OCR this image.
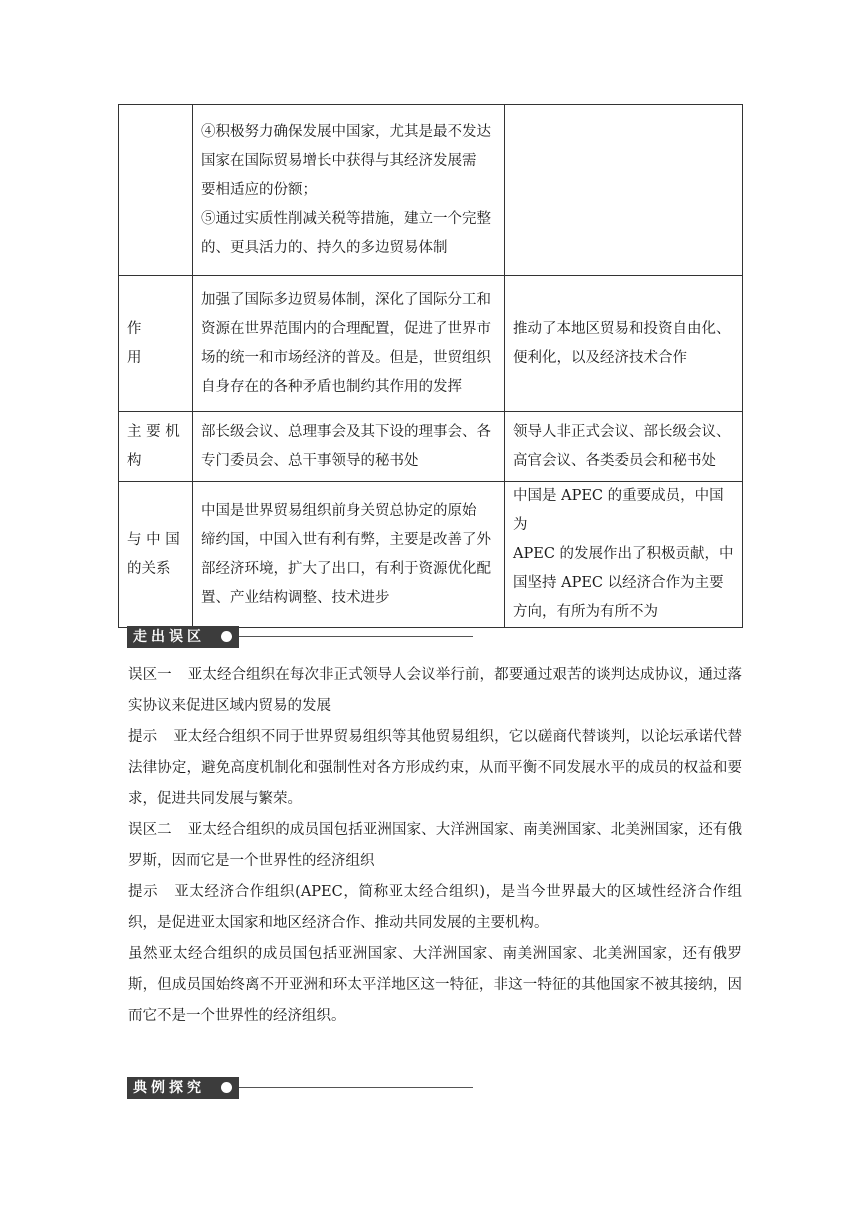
	④积极努力确保发展中国家，尤其是最不发达
国家在国际贸易增长中获得与其经济发展需
要相适应的份额；
⑤通过实质性削减关税等措施，建立一个完整
的、更具活力的、持久的多边贸易体制	

作
用	加强了国际多边贸易体制，深化了国际分工和
资源在世界范围内的合理配置，促进了世界市
场的统一和市场经济的普及。但是，世贸组织
自身存在的各种矛盾也制约其作用的发挥	推动了本地区贸易和投资自由化、
便利化，以及经济技术合作

主 要 机
构	部长级会议、总理事会及其下设的理事会、各
专门委员会、总干事领导的秘书处	领导人非正式会议、部长级会议、
高官会议、各类委员会和秘书处

与 中 国
的关系	中国是世界贸易组织前身关贸总协定的原始
缔约国，中国入世有利有弊，主要是改善了外
部经济环境，扩大了出口，有利于资源优化配
置、产业结构调整、技术进步	中国是 APEC 的重要成员，中国为
APEC 的发展作出了积极贡献，中
国坚持 APEC 以经济合作为主要
方向，有所为有所不为
走出误区

误区一 亚太经合组织在每次非正式领导人会议举行前，都要通过艰苦的谈判达成协议，通过落实协议来促进区域内贸易的发展

提示 亚太经合组织不同于世界贸易组织等其他贸易组织，它以磋商代替谈判，以论坛承诺代替法律协定，避免高度机制化和强制性对各方形成约束，从而平衡不同发展水平的成员的权益和要求，促进共同发展与繁荣。

误区二 亚太经合组织的成员国包括亚洲国家、大洋洲国家、南美洲国家、北美洲国家，还有俄罗斯，因而它是一个世界性的经济组织

提示 亚太经济合作组织(APEC，简称亚太经合组织)，是当今世界最大的区域性经济合作组织，是促进亚太国家和地区经济合作、推动共同发展的主要机构。

虽然亚太经合组织的成员国包括亚洲国家、大洋洲国家、南美洲国家、北美洲国家，还有俄罗斯，但成员国始终离不开亚洲和环太平洋地区这一特征，非这一特征的其他国家不被其接纳，因而它不是一个世界性的经济组织。

典例探究
